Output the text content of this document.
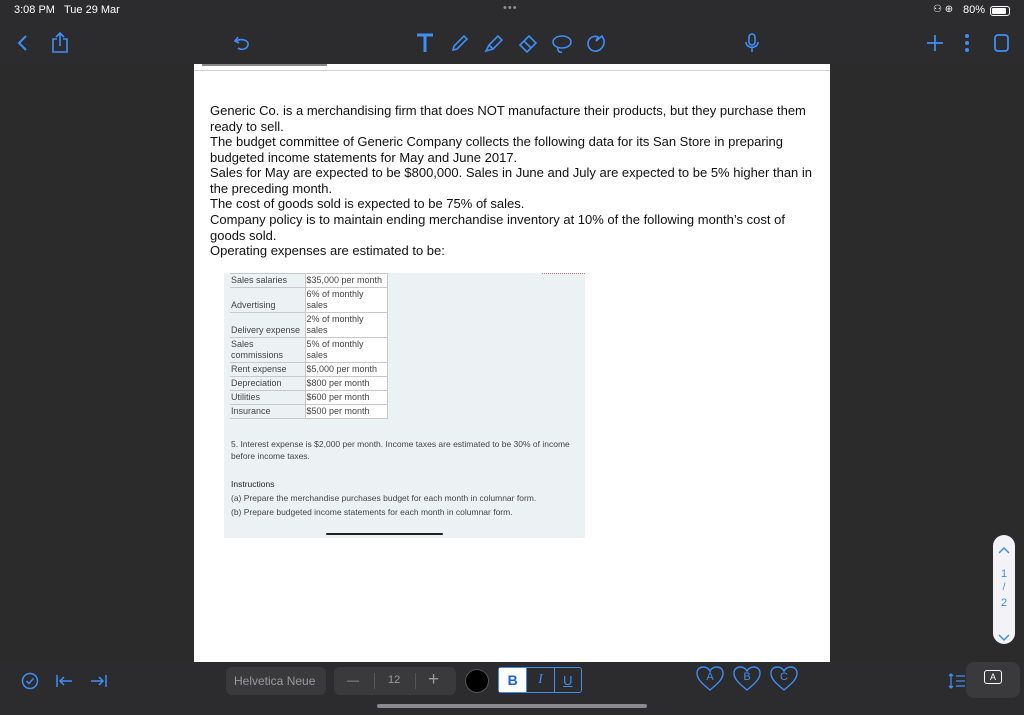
3:08 PM Tue 29 Mar	•••	⚇ ⊕ 80%
Generic Co. is a merchandising firm that does NOT manufacture their products, but they purchase them ready to sell.
The budget committee of Generic Company collects the following data for its San Store in preparing budgeted income statements for May and June 2017.
Sales for May are expected to be $800,000. Sales in June and July are expected to be 5% higher than in the preceding month.
The cost of goods sold is expected to be 75% of sales.
Company policy is to maintain ending merchandise inventory at 10% of the following month’s cost of goods sold.
Operating expenses are estimated to be:
Sales salaries	$35,000 per month
Advertising	6% of monthly sales
Delivery expense	2% of monthly sales
Sales commissions	5% of monthly sales
Rent expense	$5,000 per month
Depreciation	$800 per month
Utilities	$600 per month
Insurance	$500 per month
5. Interest expense is $2,000 per month. Income taxes are estimated to be 30% of income before income taxes.
Instructions
(a) Prepare the merchandise purchases budget for each month in columnar form.
(b) Prepare budgeted income statements for each month in columnar form.
1
/
2
Helvetica Neue	—	12 +	B	I	U	A	B	C	A
